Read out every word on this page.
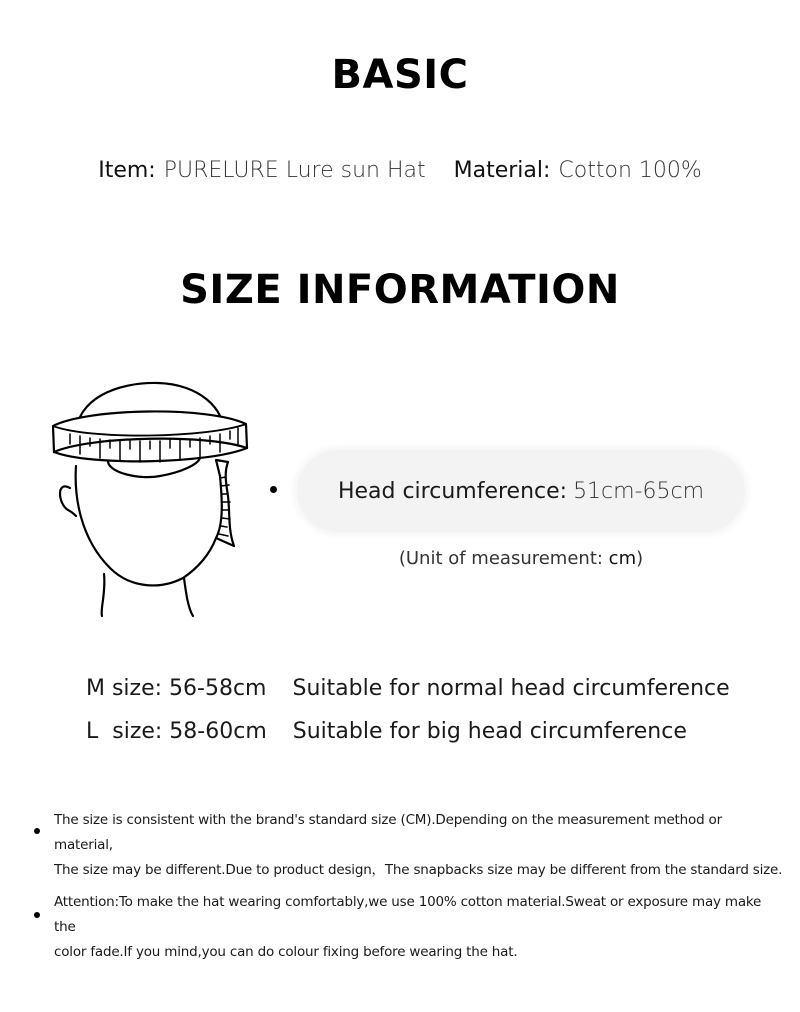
BASIC
Item: PURELURE Lure sun Hat Material: Cotton 100%
SIZE INFORMATION
Head circumference: 51cm-65cm
(Unit of measurement: cm)
M size: 56-58cm Suitable for normal head circumference
L  size: 58-60cm Suitable for big head circumference
The size is consistent with the brand's standard size (CM).Depending on the measurement method or material,
The size may be different.Due to product design，The snapbacks size may be different from the standard size.
Attention:To make the hat wearing comfortably,we use 100% cotton material.Sweat or exposure may make the
color fade.If you mind,you can do colour fixing before wearing the hat.
